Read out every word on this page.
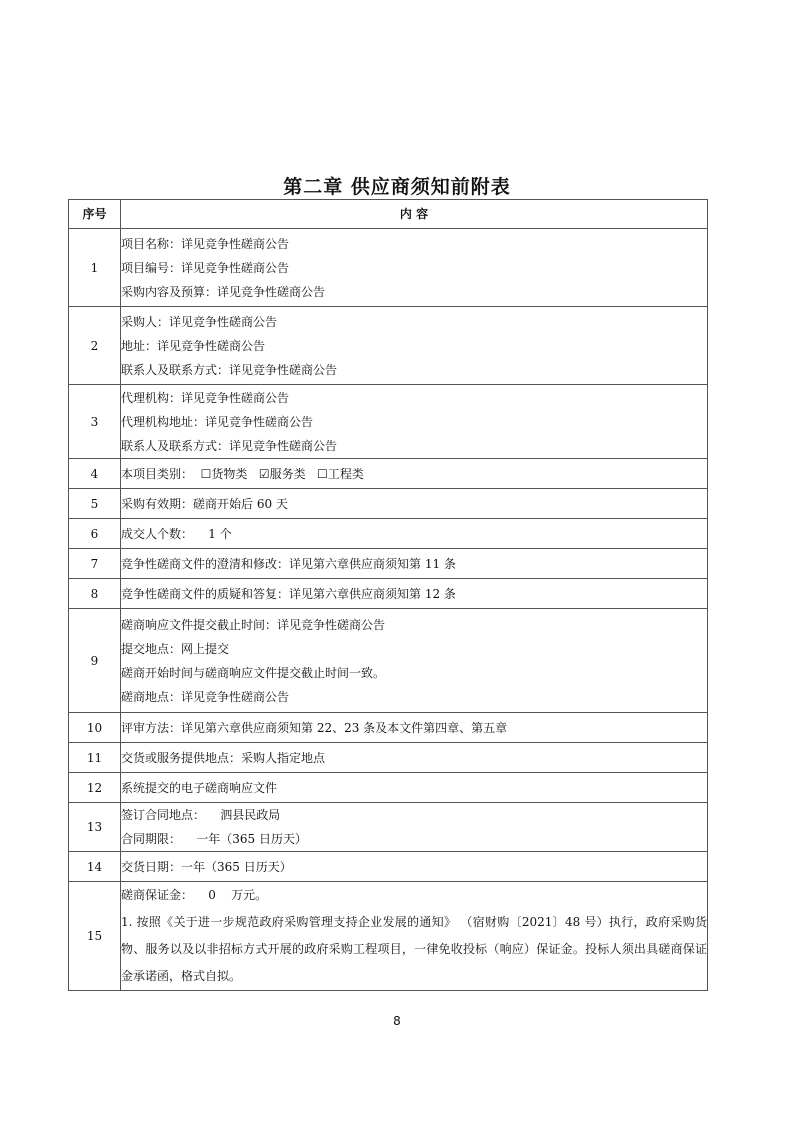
第二章 供应商须知前附表
序号	内 容
1	项目名称：详见竞争性磋商公告
项目编号：详见竞争性磋商公告
采购内容及预算：详见竞争性磋商公告

2	采购人：详见竞争性磋商公告
地址：详见竞争性磋商公告
联系人及联系方式：详见竞争性磋商公告

3	代理机构：详见竞争性磋商公告
代理机构地址：详见竞争性磋商公告
联系人及联系方式：详见竞争性磋商公告

4	本项目类别： ☐货物类 ☑服务类 ☐工程类
5	采购有效期：磋商开始后 60 天

6	成交人个数：    1 个

7	竞争性磋商文件的澄清和修改：详见第六章供应商须知第 11 条

8	竞争性磋商文件的质疑和答复：详见第六章供应商须知第 12 条

9	磋商响应文件提交截止时间：详见竞争性磋商公告
提交地点：网上提交
磋商开始时间与磋商响应文件提交截止时间一致。
磋商地点：详见竞争性磋商公告

10	评审方法：详见第六章供应商须知第 22、23 条及本文件第四章、第五章

11	交货或服务提供地点：采购人指定地点

12	系统提交的电子磋商响应文件

13	签订合同地点：    泗县民政局
合同期限：    一年（365 日历天）

14	交货日期：一年（365 日历天）

15	磋商保证金：    0    万元。
1. 按照《关于进一步规范政府采购管理支持企业发展的通知》 （宿财购〔2021〕48 号）执行，政府采购货物、服务以及以非招标方式开展的政府采购工程项目，一律免收投标（响应）保证金。投标人须出具磋商保证金承诺函，格式自拟。
8
